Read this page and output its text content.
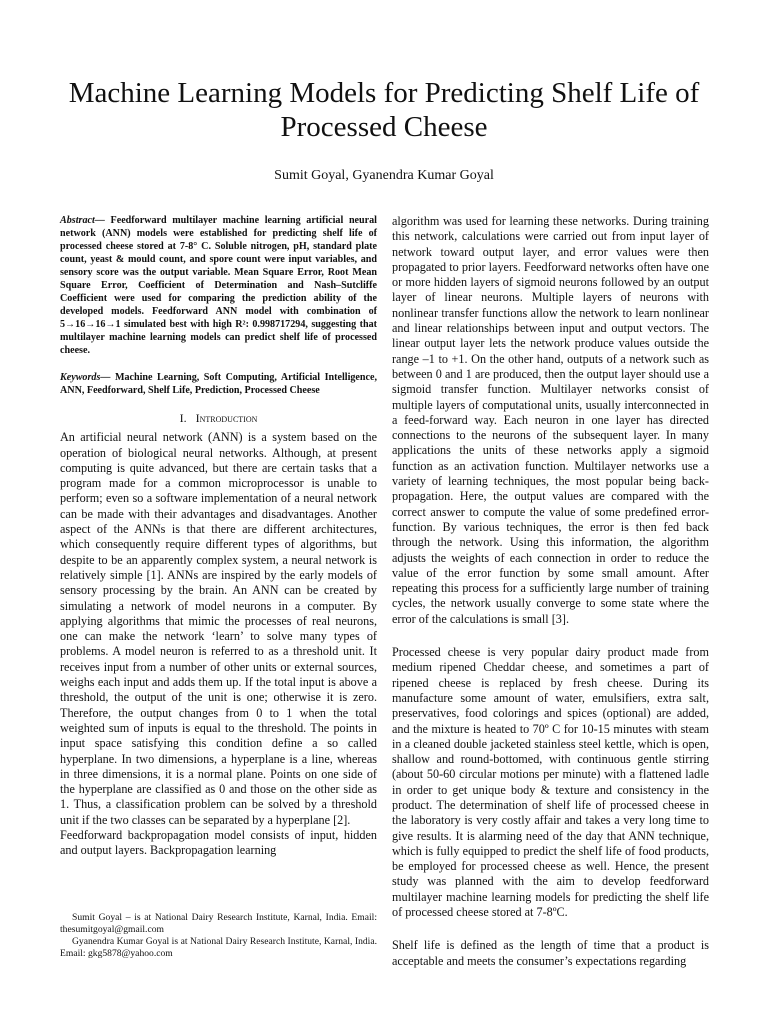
Machine Learning Models for Predicting Shelf Life of Processed Cheese
Sumit Goyal, Gyanendra Kumar Goyal

Abstract— Feedforward multilayer machine learning artificial neural network (ANN) models were established for predicting shelf life of processed cheese stored at 7-8° C. Soluble nitrogen, pH, standard plate count, yeast & mould count, and spore count were input variables, and sensory score was the output variable. Mean Square Error, Root Mean Square Error, Coefficient of Determination and Nash–Sutcliffe Coefficient were used for comparing the prediction ability of the developed models. Feedforward ANN model with combination of 5→16→16→1 simulated best with high R²: 0.998717294, suggesting that multilayer machine learning models can predict shelf life of processed cheese.

Keywords— Machine Learning, Soft Computing, Artificial Intelligence, ANN, Feedforward, Shelf Life, Prediction, Processed Cheese

I. Introduction

An artificial neural network (ANN) is a system based on the operation of biological neural networks. Although, at present computing is quite advanced, but there are certain tasks that a program made for a common microprocessor is unable to perform; even so a software implementation of a neural network can be made with their advantages and disadvantages. Another aspect of the ANNs is that there are different architectures, which consequently require different types of algorithms, but despite to be an apparently complex system, a neural network is relatively simple [1]. ANNs are inspired by the early models of sensory processing by the brain. An ANN can be created by simulating a network of model neurons in a computer. By applying algorithms that mimic the processes of real neurons, one can make the network ‘learn’ to solve many types of problems. A model neuron is referred to as a threshold unit. It receives input from a number of other units or external sources, weighs each input and adds them up. If the total input is above a threshold, the output of the unit is one; otherwise it is zero. Therefore, the output changes from 0 to 1 when the total weighted sum of inputs is equal to the threshold. The points in input space satisfying this condition define a so called hyperplane. In two dimensions, a hyperplane is a line, whereas in three dimensions, it is a normal plane. Points on one side of the hyperplane are classified as 0 and those on the other side as 1. Thus, a classification problem can be solved by a threshold unit if the two classes can be separated by a hyperplane [2].

Feedforward backpropagation model consists of input, hidden and output layers. Backpropagation learning

Sumit Goyal – is at National Dairy Research Institute, Karnal, India. Email: thesumitgoyal@gmail.com

Gyanendra Kumar Goyal is at National Dairy Research Institute, Karnal, India. Email: gkg5878@yahoo.com

algorithm was used for learning these networks. During training this network, calculations were carried out from input layer of network toward output layer, and error values were then propagated to prior layers. Feedforward networks often have one or more hidden layers of sigmoid neurons followed by an output layer of linear neurons. Multiple layers of neurons with nonlinear transfer functions allow the network to learn nonlinear and linear relationships between input and output vectors. The linear output layer lets the network produce values outside the range –1 to +1. On the other hand, outputs of a network such as between 0 and 1 are produced, then the output layer should use a sigmoid transfer function. Multilayer networks consist of multiple layers of computational units, usually interconnected in a feed-forward way. Each neuron in one layer has directed connections to the neurons of the subsequent layer. In many applications the units of these networks apply a sigmoid function as an activation function. Multilayer networks use a variety of learning techniques, the most popular being back-propagation. Here, the output values are compared with the correct answer to compute the value of some predefined error-function. By various techniques, the error is then fed back through the network. Using this information, the algorithm adjusts the weights of each connection in order to reduce the value of the error function by some small amount. After repeating this process for a sufficiently large number of training cycles, the network usually converge to some state where the error of the calculations is small [3].

Processed cheese is very popular dairy product made from medium ripened Cheddar cheese, and sometimes a part of ripened cheese is replaced by fresh cheese. During its manufacture some amount of water, emulsifiers, extra salt, preservatives, food colorings and spices (optional) are added, and the mixture is heated to 70º C for 10-15 minutes with steam in a cleaned double jacketed stainless steel kettle, which is open, shallow and round-bottomed, with continuous gentle stirring (about 50-60 circular motions per minute) with a flattened ladle in order to get unique body & texture and consistency in the product. The determination of shelf life of processed cheese in the laboratory is very costly affair and takes a very long time to give results. It is alarming need of the day that ANN technique, which is fully equipped to predict the shelf life of food products, be employed for processed cheese as well. Hence, the present study was planned with the aim to develop feedforward multilayer machine learning models for predicting the shelf life of processed cheese stored at 7-8ºC.

Shelf life is defined as the length of time that a product is acceptable and meets the consumer’s expectations regarding
